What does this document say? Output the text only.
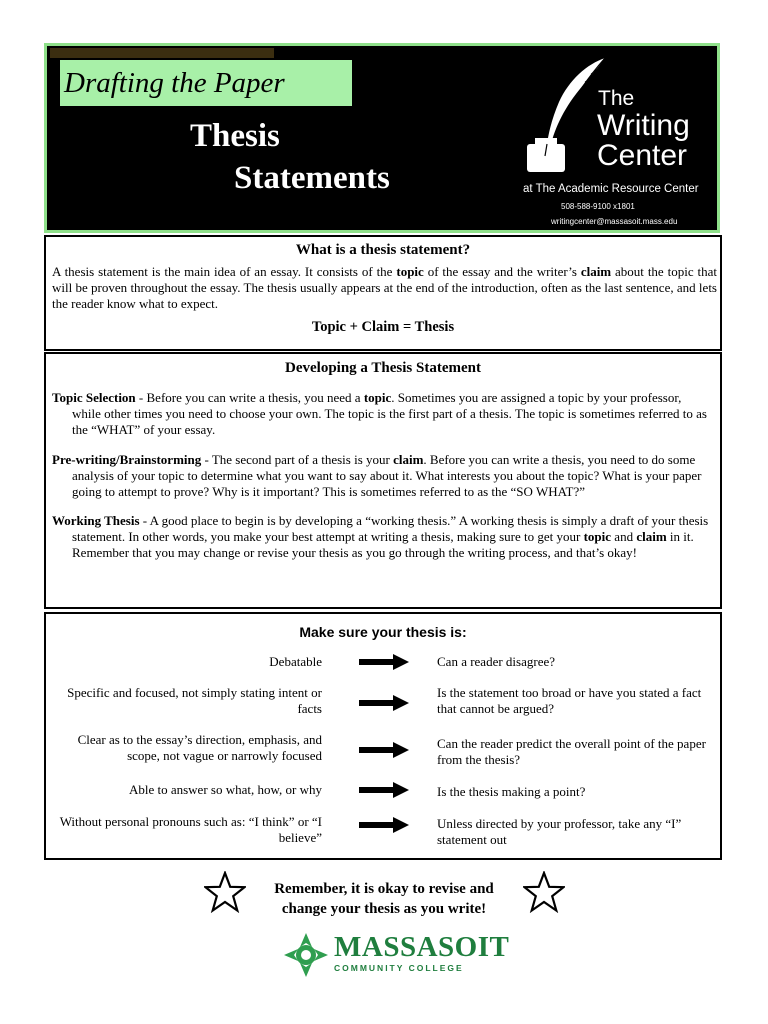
Drafting the Paper
Thesis
Statements
The
Writing
Center
at The Academic Resource Center
508-588-9100 x1801
writingcenter@massasoit.mass.edu
What is a thesis statement?
A thesis statement is the main idea of an essay. It consists of the topic of the essay and the writer’s claim about the topic that will be proven throughout the essay. The thesis usually appears at the end of the introduction, often as the last sentence, and lets the reader know what to expect.
Topic + Claim = Thesis
Developing a Thesis Statement
Topic Selection - Before you can write a thesis, you need a topic. Sometimes you are assigned a topic by your professor, while other times you need to choose your own. The topic is the first part of a thesis. The topic is sometimes referred to as the “WHAT” of your essay.
Pre-writing/Brainstorming - The second part of a thesis is your claim. Before you can write a thesis, you need to do some analysis of your topic to determine what you want to say about it. What interests you about the topic? What is your paper going to attempt to prove? Why is it important? This is sometimes referred to as the “SO WHAT?”
Working Thesis - A good place to begin is by developing a “working thesis.” A working thesis is simply a draft of your thesis statement. In other words, you make your best attempt at writing a thesis, making sure to get your topic and claim in it. Remember that you may change or revise your thesis as you go through the writing process, and that’s okay!
Make sure your thesis is:
Debatable	Can a reader disagree?
Specific and focused, not simply stating intent or facts
Is the statement too broad or have you stated a fact that cannot be argued?
Clear as to the essay’s direction, emphasis, and scope, not vague or narrowly focused
Can the reader predict the overall point of the paper from the thesis?
Able to answer so what, how, or why	Is the thesis making a point?
Without personal pronouns such as: “I think” or “I believe”
Unless directed by your professor, take any “I” statement out
Remember, it is okay to revise and change your thesis as you write!
MASSASOIT
COMMUNITY COLLEGE
